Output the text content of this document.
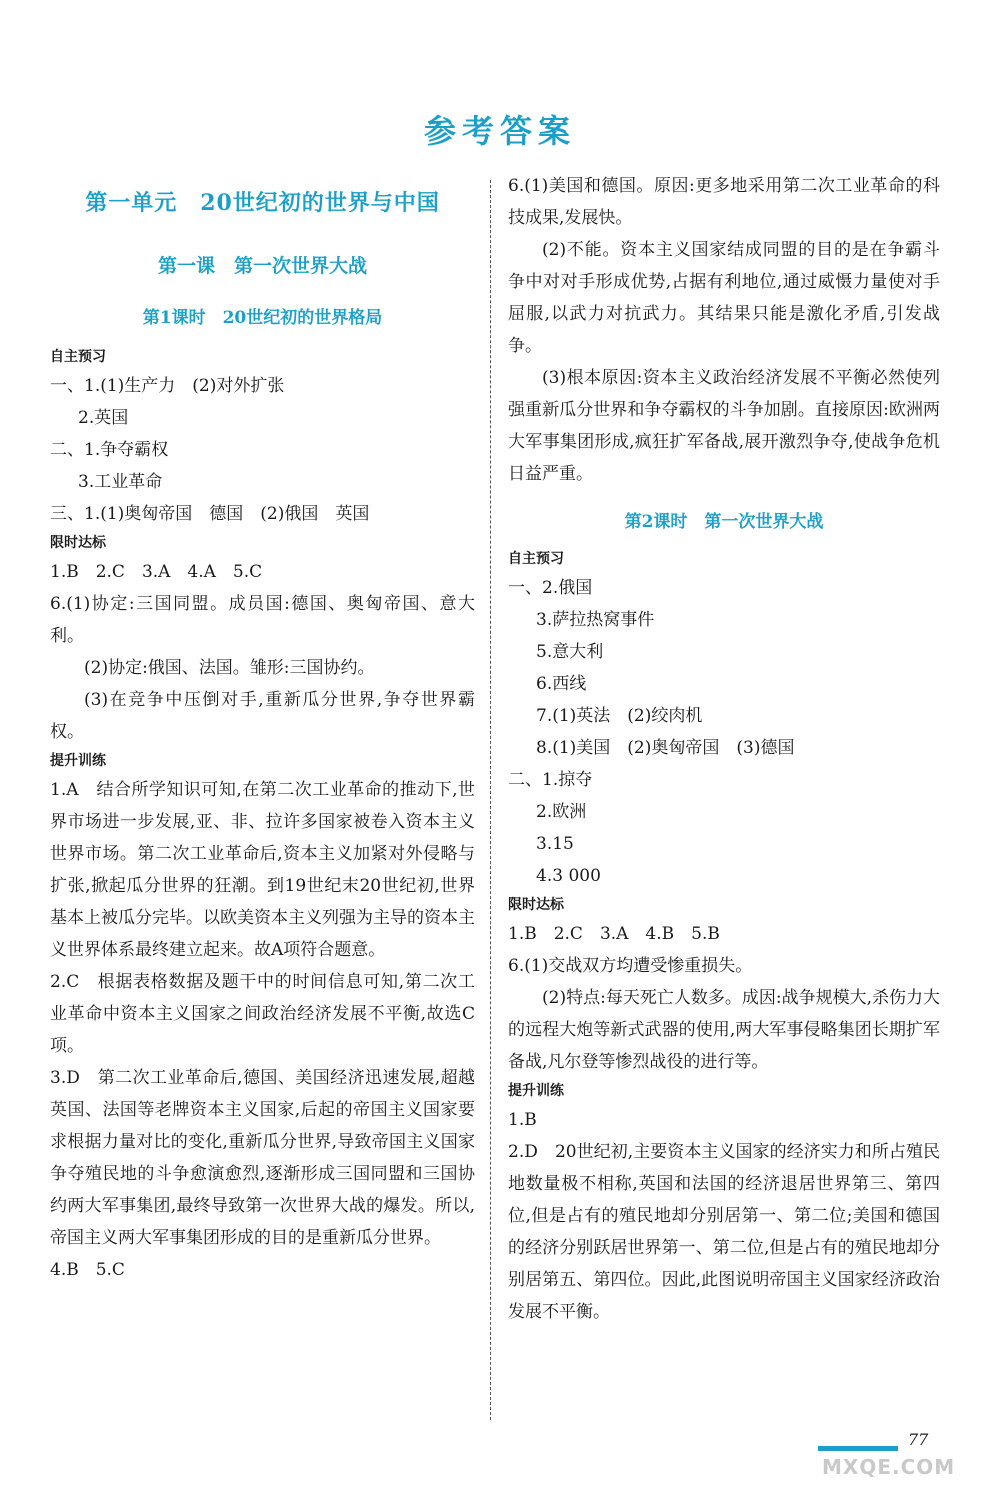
参考答案

第一单元　20世纪初的世界与中国

第一课　第一次世界大战

第1课时　20世纪初的世界格局

自主预习

一、1.(1)生产力　(2)对外扩张

2.英国

二、1.争夺霸权

3.工业革命

三、1.(1)奥匈帝国　德国　(2)俄国　英国

限时达标

1.B　2.C　3.A　4.A　5.C

6.(1)协定:三国同盟。成员国:德国、奥匈帝国、意大利。

(2)协定:俄国、法国。雏形:三国协约。

(3)在竞争中压倒对手,重新瓜分世界,争夺世界霸权。

提升训练

1.A　结合所学知识可知,在第二次工业革命的推动下,世界市场进一步发展,亚、非、拉许多国家被卷入资本主义世界市场。第二次工业革命后,资本主义加紧对外侵略与扩张,掀起瓜分世界的狂潮。到19世纪末20世纪初,世界基本上被瓜分完毕。以欧美资本主义列强为主导的资本主义世界体系最终建立起来。故A项符合题意。

2.C　根据表格数据及题干中的时间信息可知,第二次工业革命中资本主义国家之间政治经济发展不平衡,故选C项。

3.D　第二次工业革命后,德国、美国经济迅速发展,超越英国、法国等老牌资本主义国家,后起的帝国主义国家要求根据力量对比的变化,重新瓜分世界,导致帝国主义国家争夺殖民地的斗争愈演愈烈,逐渐形成三国同盟和三国协约两大军事集团,最终导致第一次世界大战的爆发。所以,帝国主义两大军事集团形成的目的是重新瓜分世界。

4.B　5.C

6.(1)美国和德国。原因:更多地采用第二次工业革命的科技成果,发展快。

(2)不能。资本主义国家结成同盟的目的是在争霸斗争中对对手形成优势,占据有利地位,通过威慑力量使对手屈服,以武力对抗武力。其结果只能是激化矛盾,引发战争。

(3)根本原因:资本主义政治经济发展不平衡必然使列强重新瓜分世界和争夺霸权的斗争加剧。直接原因:欧洲两大军事集团形成,疯狂扩军备战,展开激烈争夺,使战争危机日益严重。

第2课时　第一次世界大战

自主预习

一、2.俄国

3.萨拉热窝事件

5.意大利

6.西线

7.(1)英法　(2)绞肉机

8.(1)美国　(2)奥匈帝国　(3)德国

二、1.掠夺

2.欧洲

3.15

4.3 000

限时达标

1.B　2.C　3.A　4.B　5.B

6.(1)交战双方均遭受惨重损失。

(2)特点:每天死亡人数多。成因:战争规模大,杀伤力大的远程大炮等新式武器的使用,两大军事侵略集团长期扩军备战,凡尔登等惨烈战役的进行等。

提升训练

1.B

2.D　20世纪初,主要资本主义国家的经济实力和所占殖民地数量极不相称,英国和法国的经济退居世界第三、第四位,但是占有的殖民地却分别居第一、第二位;美国和德国的经济分别跃居世界第一、第二位,但是占有的殖民地却分别居第五、第四位。因此,此图说明帝国主义国家经济政治发展不平衡。

77
MXQE.COM
